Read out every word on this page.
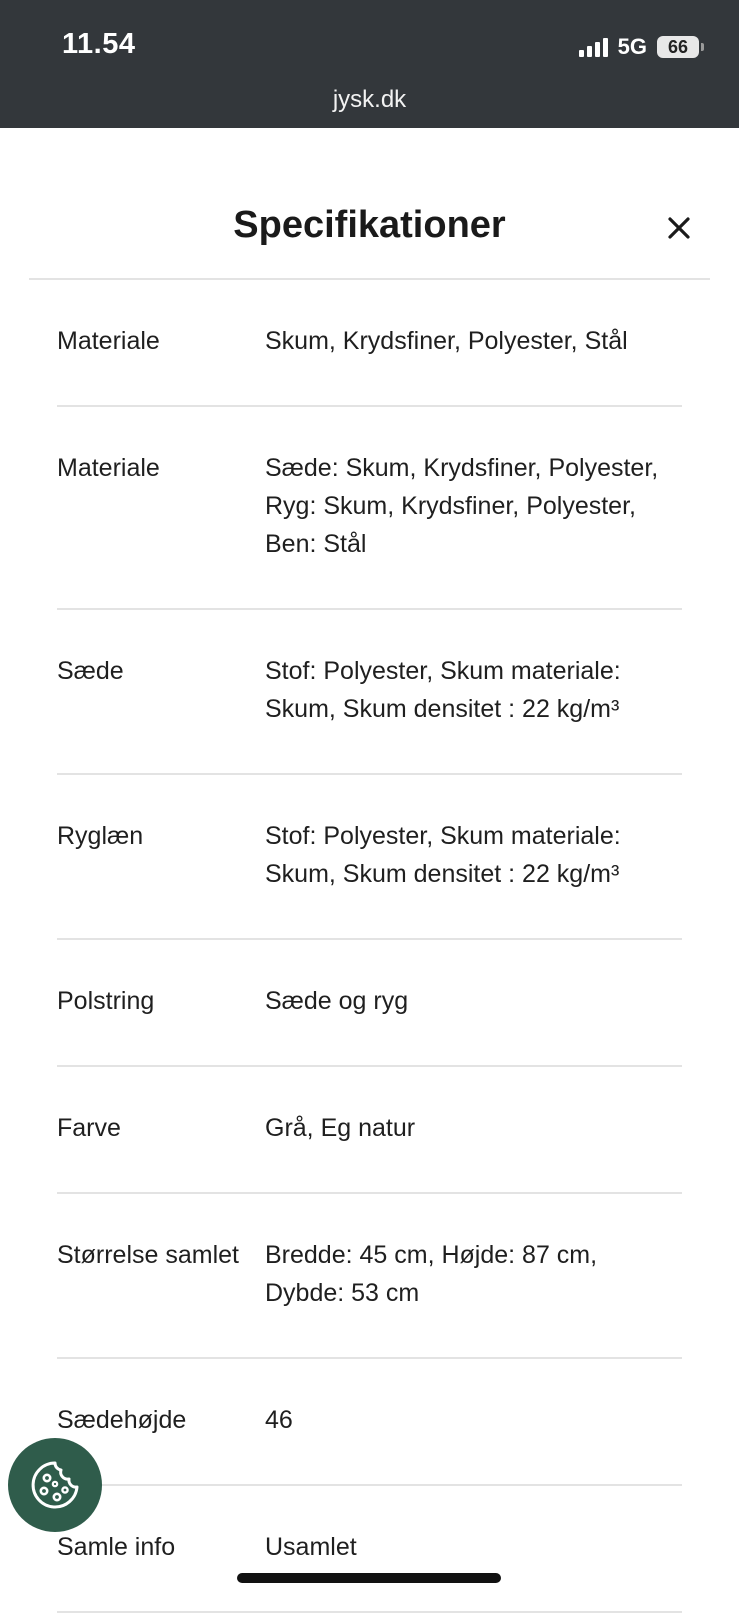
11.54	5G	66
jysk.dk
Specifikationer
Materiale	Skum, Krydsfiner, Polyester, Stål
Materiale	Sæde: Skum, Krydsfiner, Polyester, Ryg: Skum, Krydsfiner, Polyester, Ben: Stål
Sæde	Stof: Polyester, Skum materiale: Skum, Skum densitet : 22 kg/m³
Ryglæn	Stof: Polyester, Skum materiale: Skum, Skum densitet : 22 kg/m³
Polstring	Sæde og ryg
Farve	Grå, Eg natur
Størrelse samlet	Bredde: 45 cm, Højde: 87 cm, Dybde: 53 cm
Sædehøjde	46
Samle info	Usamlet
